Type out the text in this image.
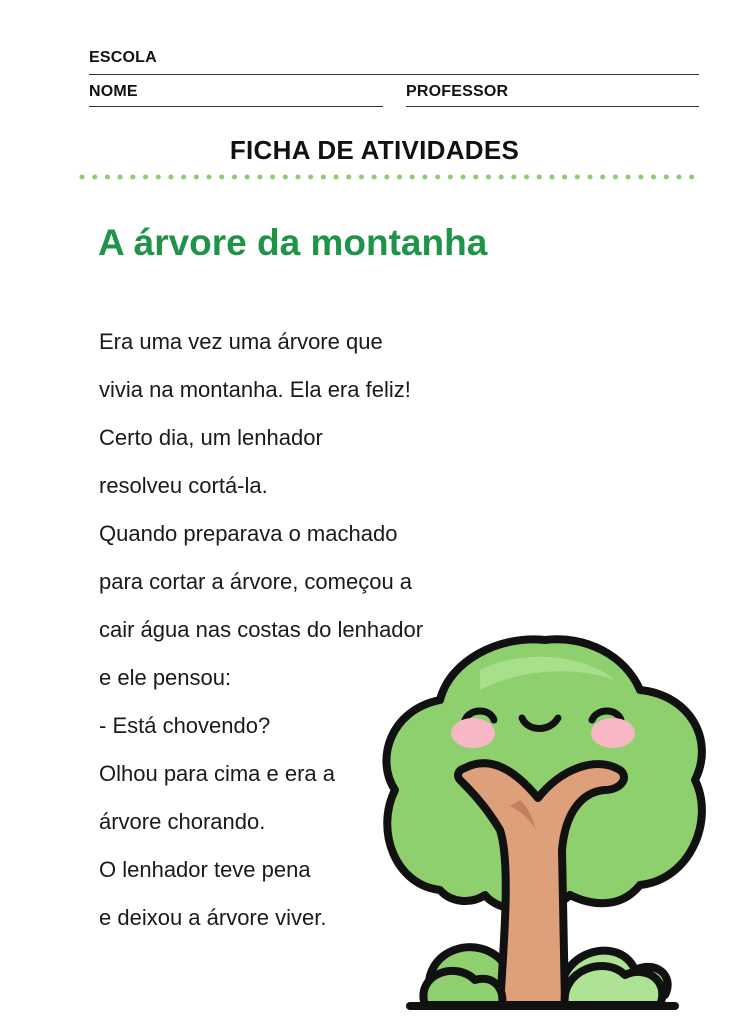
ESCOLA
NOME	PROFESSOR
FICHA DE ATIVIDADES
A árvore da montanha
Era uma vez uma árvore que
vivia na montanha. Ela era feliz!
Certo dia, um lenhador
resolveu cortá-la.
Quando preparava o machado
para cortar a árvore, começou a
cair água nas costas do lenhador
e ele pensou:
- Está chovendo?
Olhou para cima e era a
árvore chorando.
O lenhador teve pena
e deixou a árvore viver.
